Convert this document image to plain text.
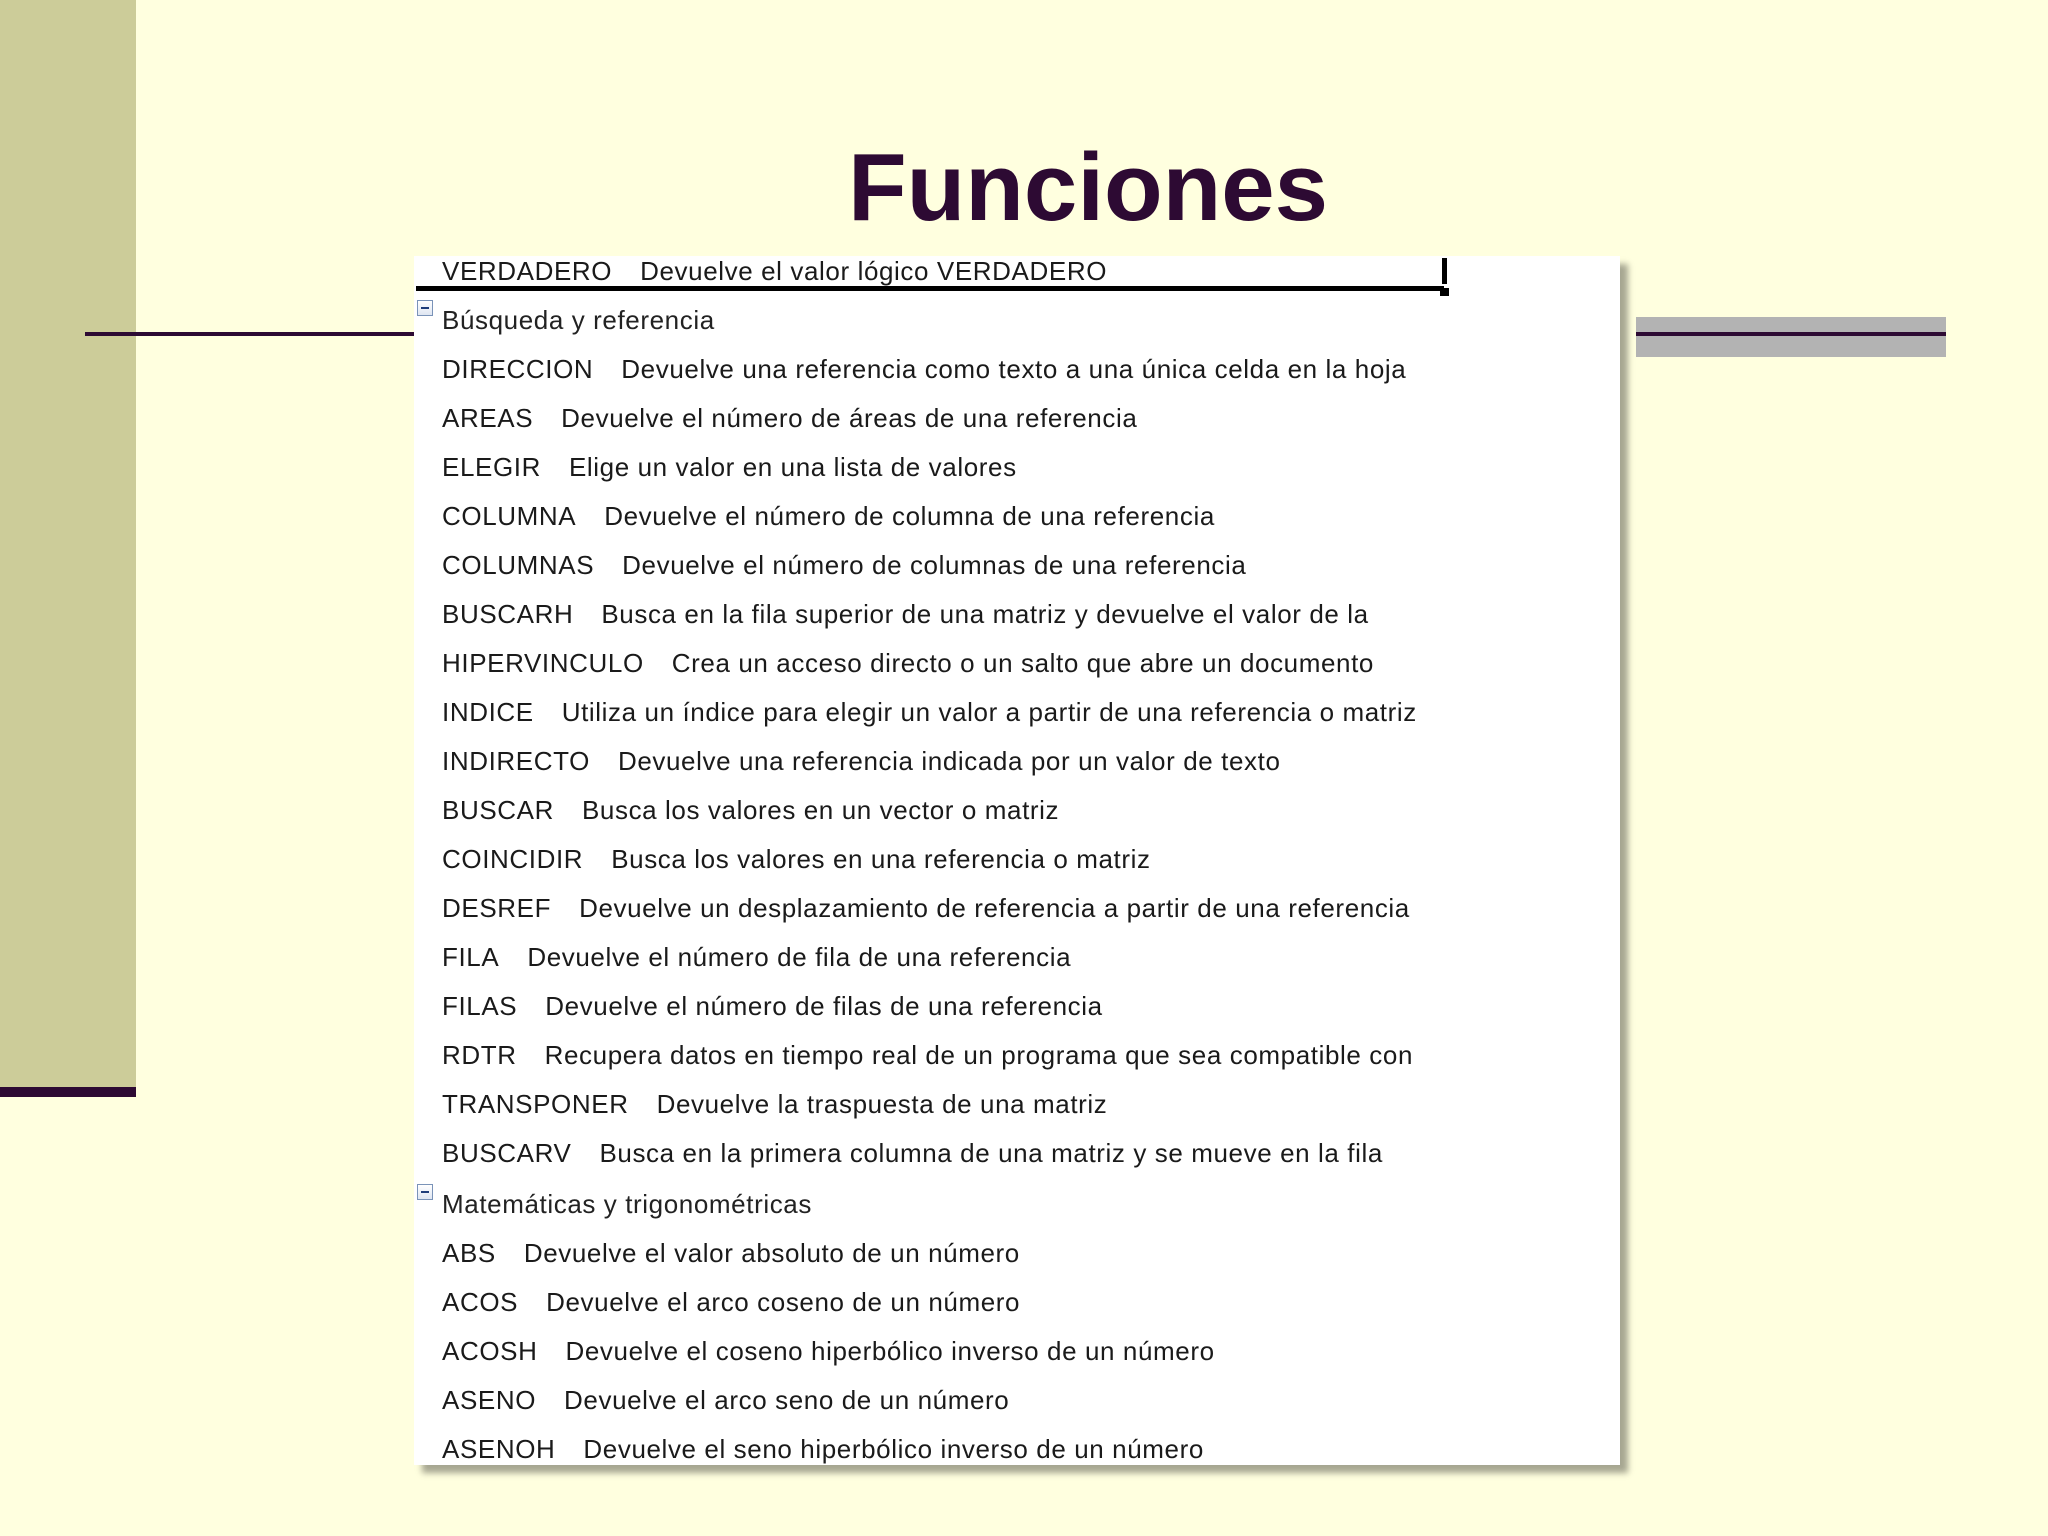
Funciones
VERDADERO Devuelve el valor lógico VERDADERO
Búsqueda y referencia
DIRECCION Devuelve una referencia como texto a una única celda en la hoja
AREAS Devuelve el número de áreas de una referencia
ELEGIR Elige un valor en una lista de valores
COLUMNA Devuelve el número de columna de una referencia
COLUMNAS Devuelve el número de columnas de una referencia
BUSCARH Busca en la fila superior de una matriz y devuelve el valor de la
HIPERVINCULO Crea un acceso directo o un salto que abre un documento
INDICE Utiliza un índice para elegir un valor a partir de una referencia o matriz
INDIRECTO Devuelve una referencia indicada por un valor de texto
BUSCAR Busca los valores en un vector o matriz
COINCIDIR Busca los valores en una referencia o matriz
DESREF Devuelve un desplazamiento de referencia a partir de una referencia
FILA Devuelve el número de fila de una referencia
FILAS Devuelve el número de filas de una referencia
RDTR Recupera datos en tiempo real de un programa que sea compatible con
TRANSPONER Devuelve la traspuesta de una matriz
BUSCARV Busca en la primera columna de una matriz y se mueve en la fila
Matemáticas y trigonométricas
ABS Devuelve el valor absoluto de un número
ACOS Devuelve el arco coseno de un número
ACOSH Devuelve el coseno hiperbólico inverso de un número
ASENO Devuelve el arco seno de un número
ASENOH Devuelve el seno hiperbólico inverso de un número
